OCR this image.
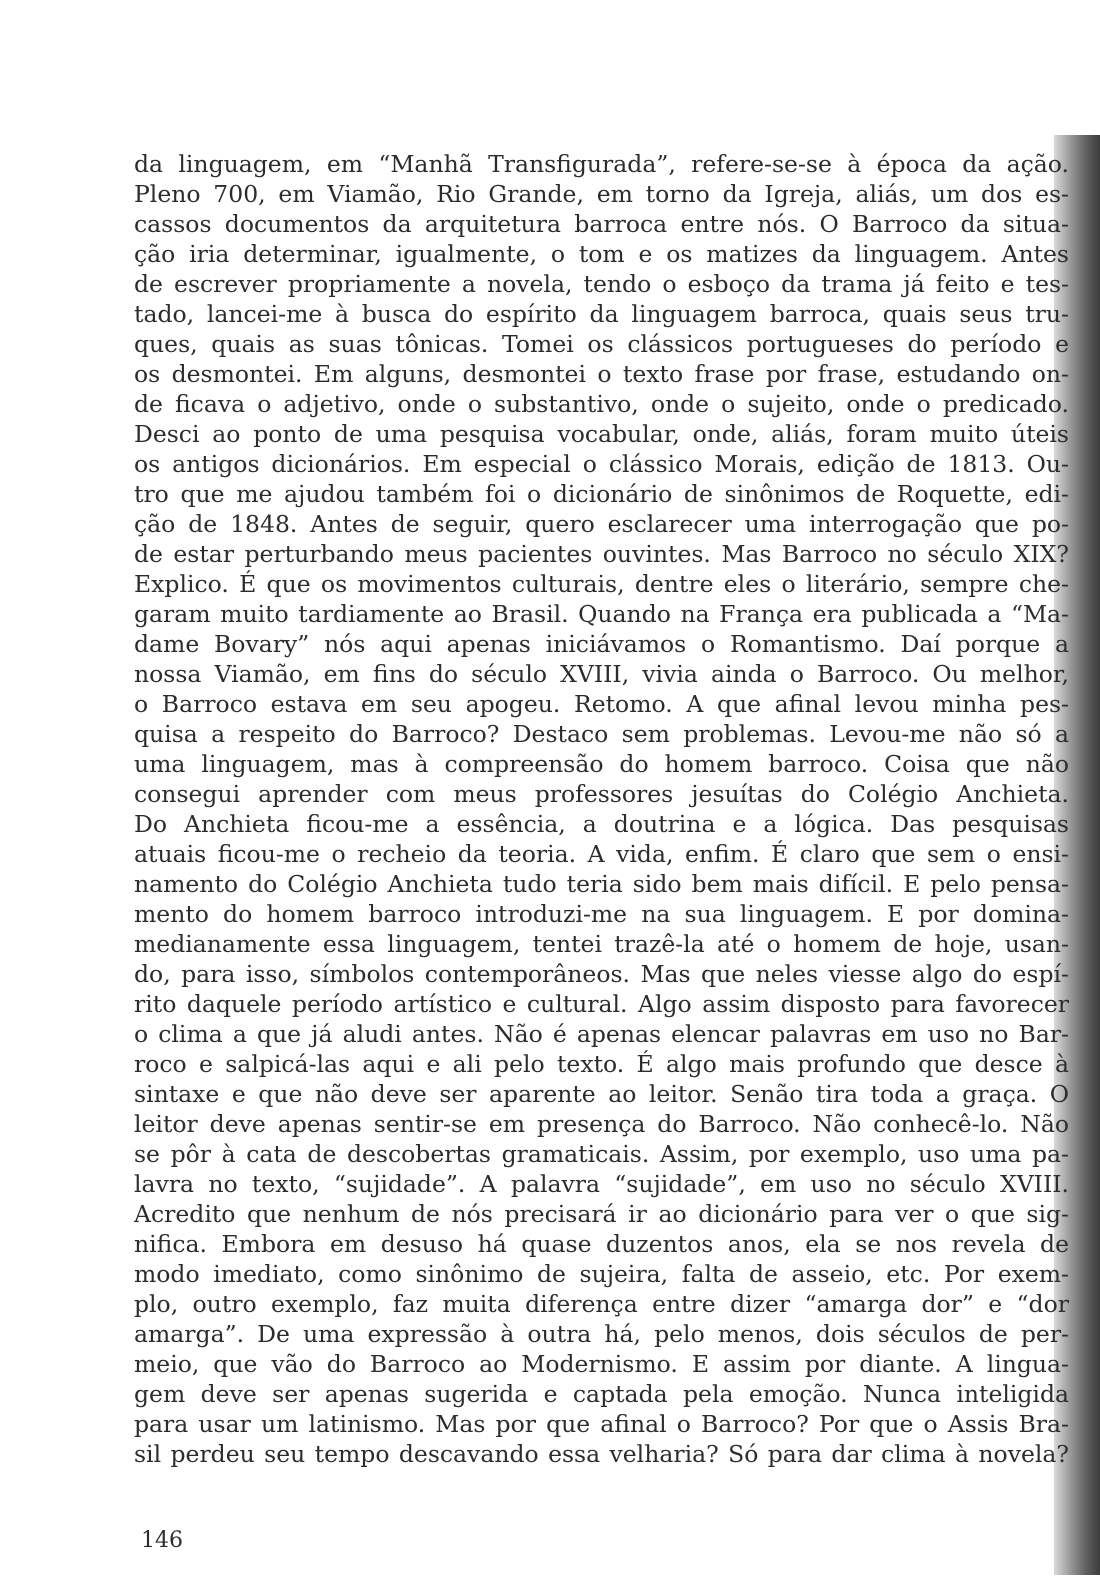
da linguagem, em “Manhã Transfigurada”, refere-se-se à época da ação.
Pleno 700, em Viamão, Rio Grande, em torno da Igreja, aliás, um dos es-
cassos documentos da arquitetura barroca entre nós. O Barroco da situa-
ção iria determinar, igualmente, o tom e os matizes da linguagem. Antes
de escrever propriamente a novela, tendo o esboço da trama já feito e tes-
tado, lancei-me à busca do espírito da linguagem barroca, quais seus tru-
ques, quais as suas tônicas. Tomei os clássicos portugueses do período e
os desmontei. Em alguns, desmontei o texto frase por frase, estudando on-
de ficava o adjetivo, onde o substantivo, onde o sujeito, onde o predicado.
Desci ao ponto de uma pesquisa vocabular, onde, aliás, foram muito úteis
os antigos dicionários. Em especial o clássico Morais, edição de 1813. Ou-
tro que me ajudou também foi o dicionário de sinônimos de Roquette, edi-
ção de 1848. Antes de seguir, quero esclarecer uma interrogação que po-
de estar perturbando meus pacientes ouvintes. Mas Barroco no século XIX?
Explico. É que os movimentos culturais, dentre eles o literário, sempre che-
garam muito tardiamente ao Brasil. Quando na França era publicada a “Ma-
dame Bovary” nós aqui apenas iniciávamos o Romantismo. Daí porque a
nossa Viamão, em fins do século XVIII, vivia ainda o Barroco. Ou melhor,
o Barroco estava em seu apogeu. Retomo. A que afinal levou minha pes-
quisa a respeito do Barroco? Destaco sem problemas. Levou-me não só a
uma linguagem, mas à compreensão do homem barroco. Coisa que não
consegui aprender com meus professores jesuítas do Colégio Anchieta.
Do Anchieta ficou-me a essência, a doutrina e a lógica. Das pesquisas
atuais ficou-me o recheio da teoria. A vida, enfim. É claro que sem o ensi-
namento do Colégio Anchieta tudo teria sido bem mais difícil. E pelo pensa-
mento do homem barroco introduzi-me na sua linguagem. E por domina-
medianamente essa linguagem, tentei trazê-la até o homem de hoje, usan-
do, para isso, símbolos contemporâneos. Mas que neles viesse algo do espí-
rito daquele período artístico e cultural. Algo assim disposto para favorecer
o clima a que já aludi antes. Não é apenas elencar palavras em uso no Bar-
roco e salpicá-las aqui e ali pelo texto. É algo mais profundo que desce à
sintaxe e que não deve ser aparente ao leitor. Senão tira toda a graça. O
leitor deve apenas sentir-se em presença do Barroco. Não conhecê-lo. Não
se pôr à cata de descobertas gramaticais. Assim, por exemplo, uso uma pa-
lavra no texto, “sujidade”. A palavra “sujidade”, em uso no século XVIII.
Acredito que nenhum de nós precisará ir ao dicionário para ver o que sig-
nifica. Embora em desuso há quase duzentos anos, ela se nos revela de
modo imediato, como sinônimo de sujeira, falta de asseio, etc. Por exem-
plo, outro exemplo, faz muita diferença entre dizer “amarga dor” e “dor
amarga”. De uma expressão à outra há, pelo menos, dois séculos de per-
meio, que vão do Barroco ao Modernismo. E assim por diante. A lingua-
gem deve ser apenas sugerida e captada pela emoção. Nunca inteligida
para usar um latinismo. Mas por que afinal o Barroco? Por que o Assis Bra-
sil perdeu seu tempo descavando essa velharia? Só para dar clima à novela?
146
